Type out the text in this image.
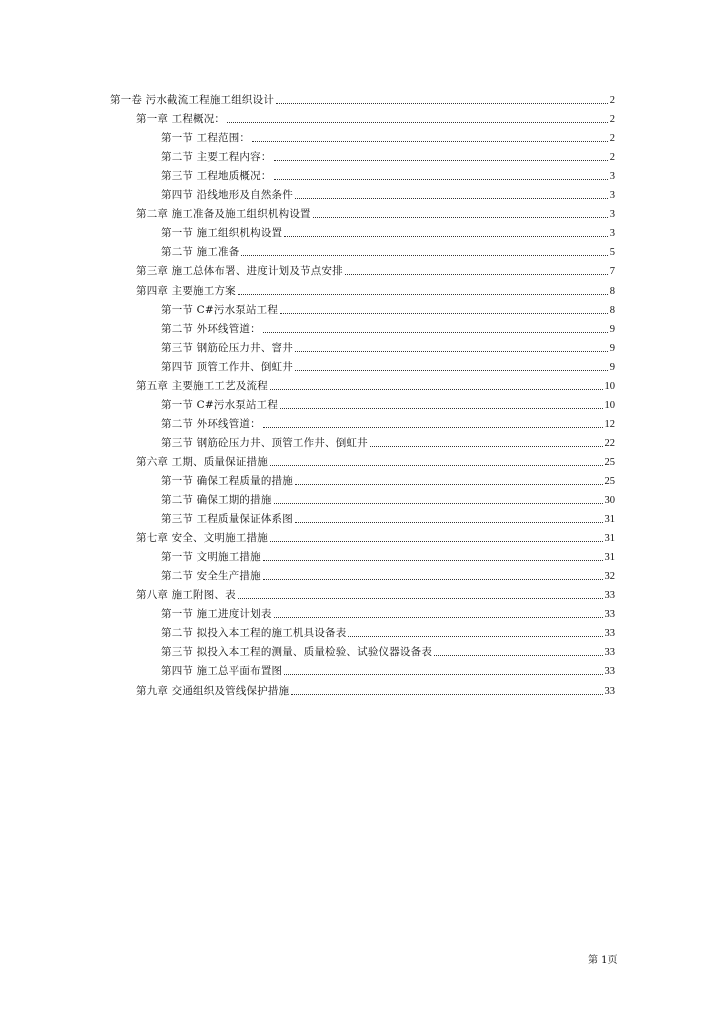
第一卷 污水截流工程施工组织设计	2
第一章 工程概况：	2
第一节 工程范围：	2
第二节 主要工程内容：	2
第三节 工程地质概况：	3
第四节 沿线地形及自然条件	3
第二章 施工准备及施工组织机构设置	3
第一节 施工组织机构设置	3
第二节 施工准备	5
第三章 施工总体布署、进度计划及节点安排	7
第四章 主要施工方案	8
第一节 C#污水泵站工程	8
第二节 外环线管道：	9
第三节 钢筋砼压力井、窨井	9
第四节 顶管工作井、倒虹井	9
第五章 主要施工工艺及流程	10
第一节 C#污水泵站工程	10
第二节 外环线管道：	12
第三节 钢筋砼压力井、顶管工作井、倒虹井	22
第六章 工期、质量保证措施	25
第一节 确保工程质量的措施	25
第二节 确保工期的措施	30
第三节 工程质量保证体系图	31
第七章 安全、文明施工措施	31
第一节 文明施工措施	31
第二节 安全生产措施	32
第八章 施工附图、表	33
第一节 施工进度计划表	33
第二节 拟投入本工程的施工机具设备表	33
第三节 拟投入本工程的测量、质量检验、试验仪器设备表	33
第四节 施工总平面布置图	33
第九章 交通组织及管线保护措施	33
第 1页
